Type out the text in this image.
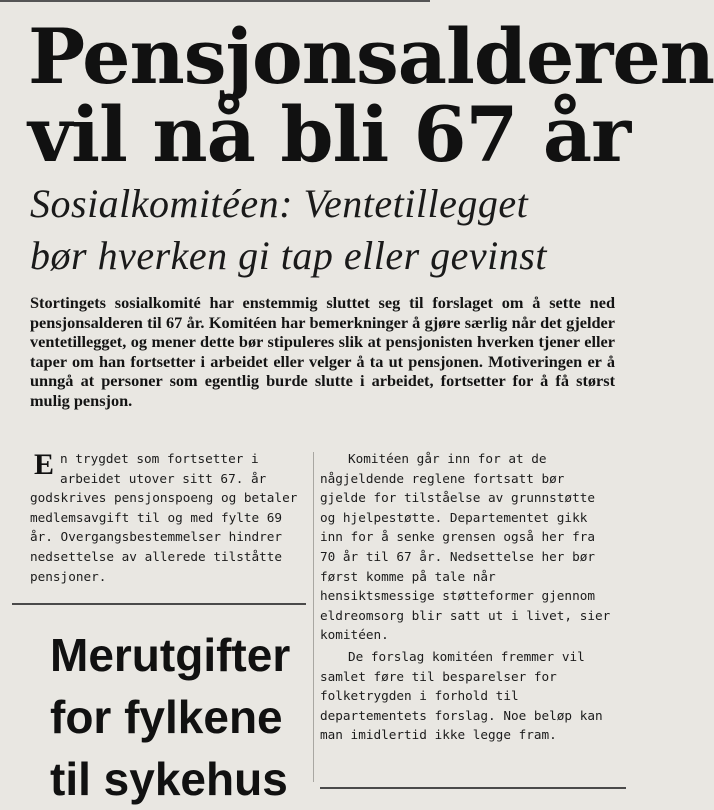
Pensjonsalderen
vil nå bli 67 år
Sosialkomitéen: Ventetillegget
bør hverken gi tap eller gevinst

Stortingets sosialkomité har enstemmig sluttet seg til forslaget om å sette ned pensjonsalderen til 67 år. Komitéen har bemerkninger å gjøre særlig når det gjelder ventetillegget, og mener dette bør stipuleres slik at pensjonisten hverken tjener eller taper om han fortsetter i arbeidet eller velger å ta ut pensjonen. Motiveringen er å unngå at personer som egentlig burde slutte i arbeidet, fortsetter for å få størst mulig pensjon.

En trygdet som fortsetter i arbeidet utover sitt 67. år godskrives pensjonspoeng og betaler medlemsavgift til og med fylte 69 år. Overgangsbestemmelser hindrer nedsettelse av allerede tilståtte pensjoner.

Komitéen går inn for at de någjeldende reglene fortsatt bør gjelde for tilståelse av grunnstøtte og hjelpestøtte. Departementet gikk inn for å senke grensen også her fra 70 år til 67 år. Nedsettelse her bør først komme på tale når hensiktsmessige støtteformer gjennom eldreomsorg blir satt ut i livet, sier komitéen.

De forslag komitéen fremmer vil samlet føre til besparelser for folketrygden i forhold til departementets forslag. Noe beløp kan man imidlertid ikke legge fram.

Merutgifter
for fylkene
til sykehus
